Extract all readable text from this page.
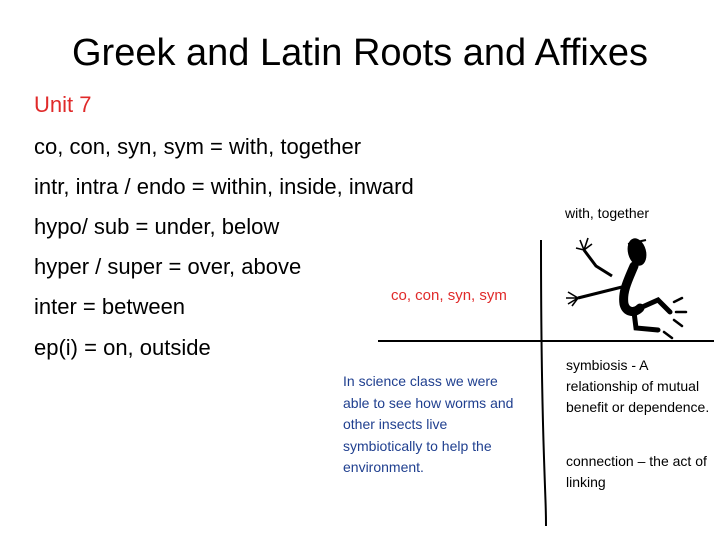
Greek and Latin Roots and Affixes
Unit 7
co, con, syn, sym = with, together
intr, intra / endo = within, inside, inward
hypo/ sub = under, below
hyper / super = over, above
inter = between
ep(i) = on, outside
with, together
co, con, syn, sym
In science class we were able to see how worms and other insects live symbiotically to help the environment.
symbiosis - A relationship of mutual benefit or dependence.
connection – the act of linking
